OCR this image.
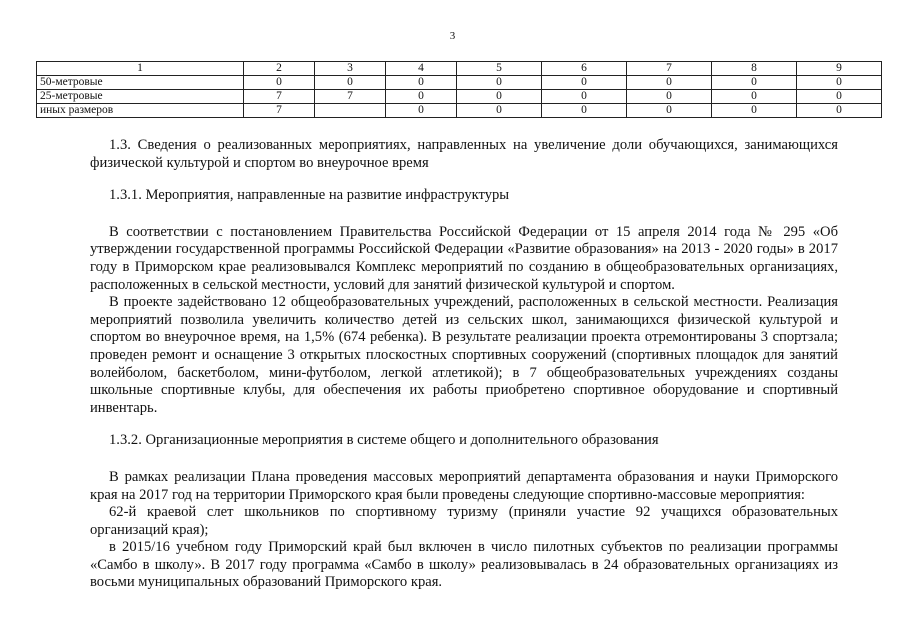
3
1	2	3	4	5	6	7	8	9
50-метровые	0	0	0	0	0	0	0	0
25-метровые	7	7	0	0	0	0	0	0
иных размеров	7		0	0	0	0	0	0

1.3. Сведения о реализованных мероприятиях, направленных на увеличение доли обучающихся, занимающихся физической культурой и спортом во внеурочное время

1.3.1. Мероприятия, направленные на развитие инфраструктуры

В соответствии с постановлением Правительства Российской Федерации от 15 апреля 2014 года № 295 «Об утверждении государственной программы Российской Федерации «Развитие образования» на 2013 - 2020 годы» в 2017 году в Приморском крае реализовывался Комплекс мероприятий по созданию в общеобразовательных организациях, расположенных в сельской местности, условий для занятий физической культурой и спортом.

В проекте задействовано 12 общеобразовательных учреждений, расположенных в сельской местности. Реализация мероприятий позволила увеличить количество детей из сельских школ, занимающихся физической культурой и спортом во внеурочное время, на 1,5% (674 ребенка). В результате реализации проекта отремонтированы 3 спортзала; проведен ремонт и оснащение 3 открытых плоскостных спортивных сооружений (спортивных площадок для занятий волейболом, баскетболом, мини-футболом, легкой атлетикой); в 7 общеобразовательных учреждениях созданы школьные спортивные клубы, для обеспечения их работы приобретено спортивное оборудование и спортивный инвентарь.

1.3.2. Организационные мероприятия в системе общего и дополнительного образования

В рамках реализации Плана проведения массовых мероприятий департамента образования и науки Приморского края на 2017 год на территории Приморского края были проведены следующие спортивно-массовые мероприятия:

62-й краевой слет школьников по спортивному туризму (приняли участие 92 учащихся образовательных организаций края);

в 2015/16 учебном году Приморский край был включен в число пилотных субъектов по реализации программы «Самбо в школу». В 2017 году программа «Самбо в школу» реализовывалась в 24 образовательных организациях из восьми муниципальных образований Приморского края.
